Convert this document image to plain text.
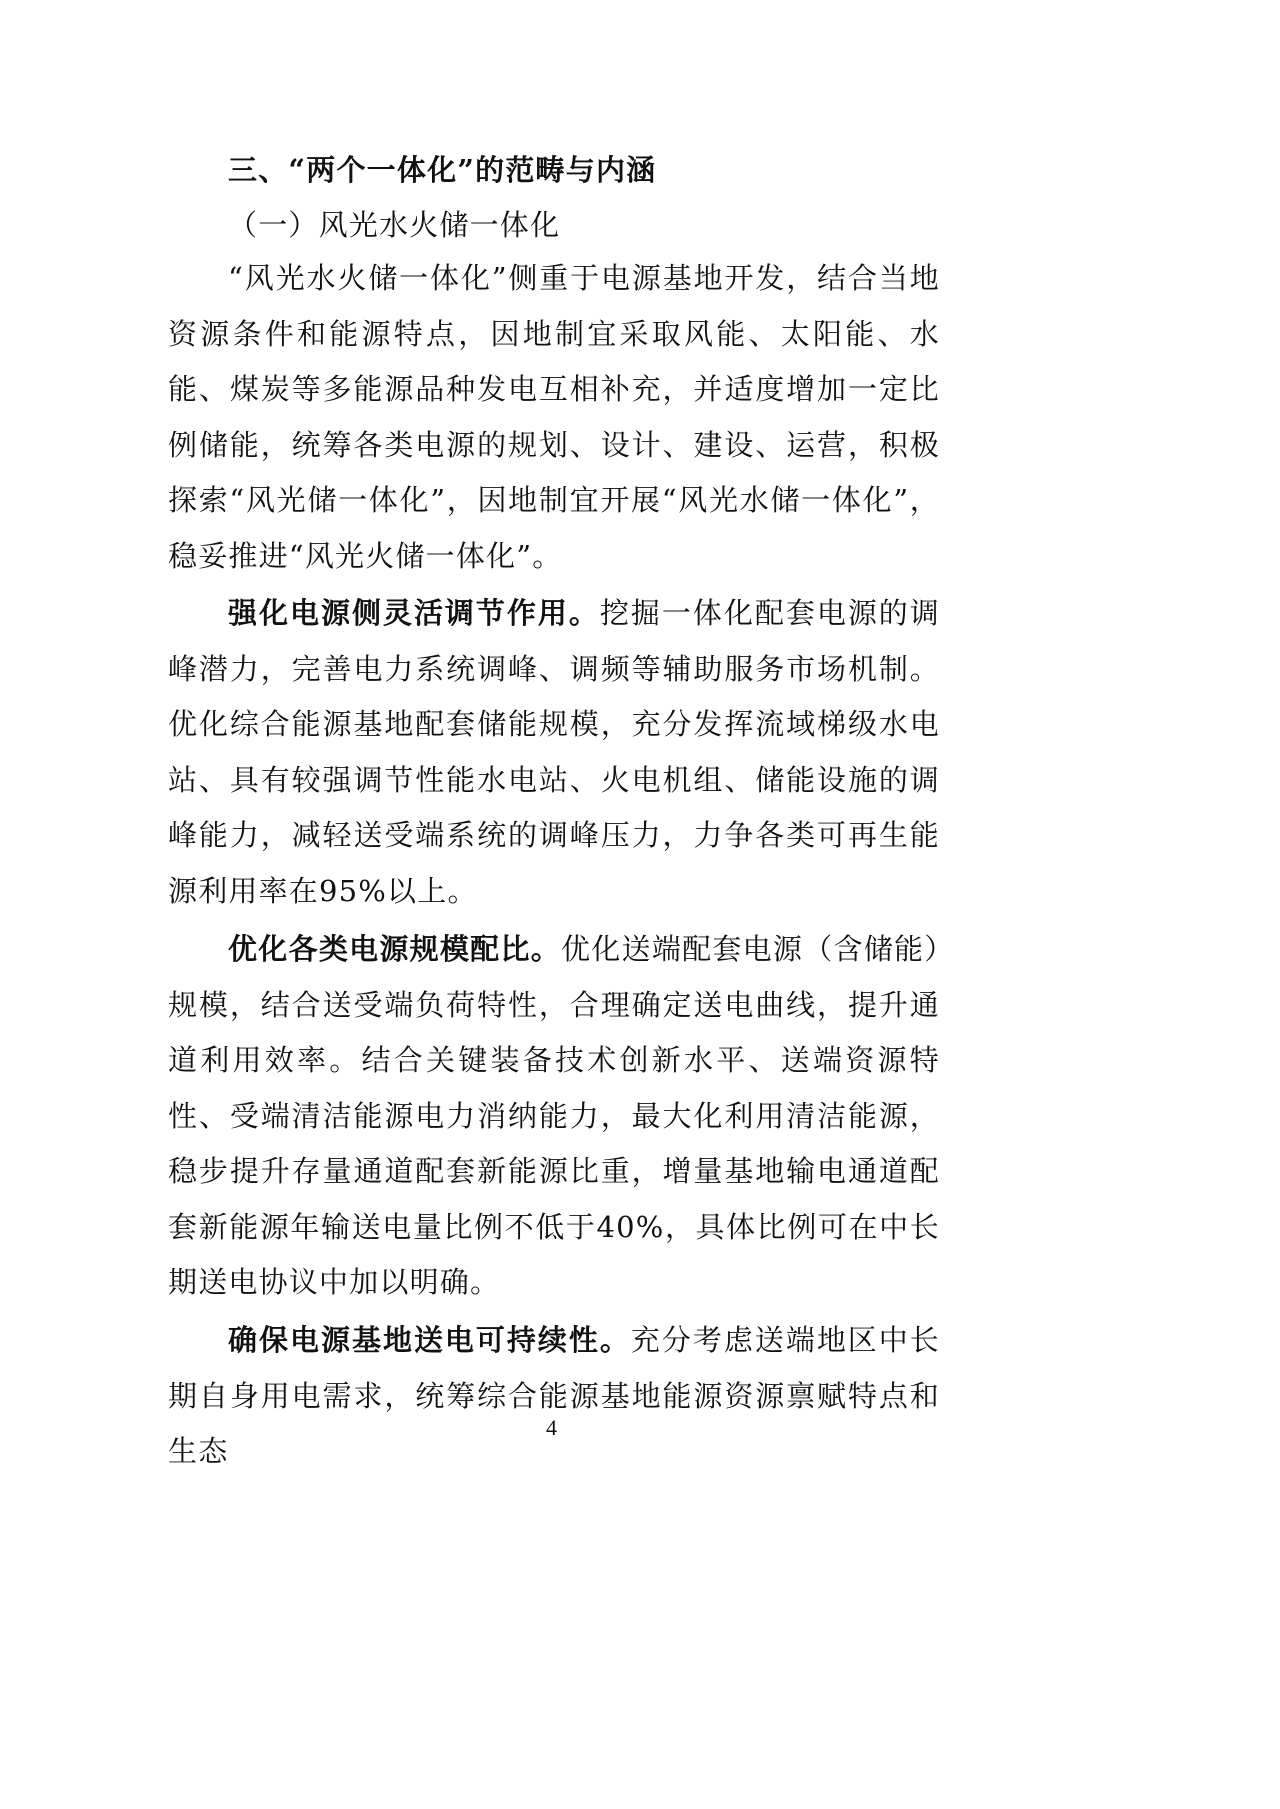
三、“两个一体化”的范畴与内涵
（一）风光水火储一体化

“风光水火储一体化”侧重于电源基地开发，结合当地资源条件和能源特点，因地制宜采取风能、太阳能、水能、煤炭等多能源品种发电互相补充，并适度增加一定比例储能，统筹各类电源的规划、设计、建设、运营，积极探索“风光储一体化”，因地制宜开展“风光水储一体化”，稳妥推进“风光火储一体化”。

强化电源侧灵活调节作用。挖掘一体化配套电源的调峰潜力，完善电力系统调峰、调频等辅助服务市场机制。优化综合能源基地配套储能规模，充分发挥流域梯级水电站、具有较强调节性能水电站、火电机组、储能设施的调峰能力，减轻送受端系统的调峰压力，力争各类可再生能源利用率在95%以上。

优化各类电源规模配比。优化送端配套电源（含储能）规模，结合送受端负荷特性，合理确定送电曲线，提升通道利用效率。结合关键装备技术创新水平、送端资源特性、受端清洁能源电力消纳能力，最大化利用清洁能源，稳步提升存量通道配套新能源比重，增量基地输电通道配套新能源年输送电量比例不低于40%，具体比例可在中长期送电协议中加以明确。

确保电源基地送电可持续性。充分考虑送端地区中长期自身用电需求，统筹综合能源基地能源资源禀赋特点和生态

4
